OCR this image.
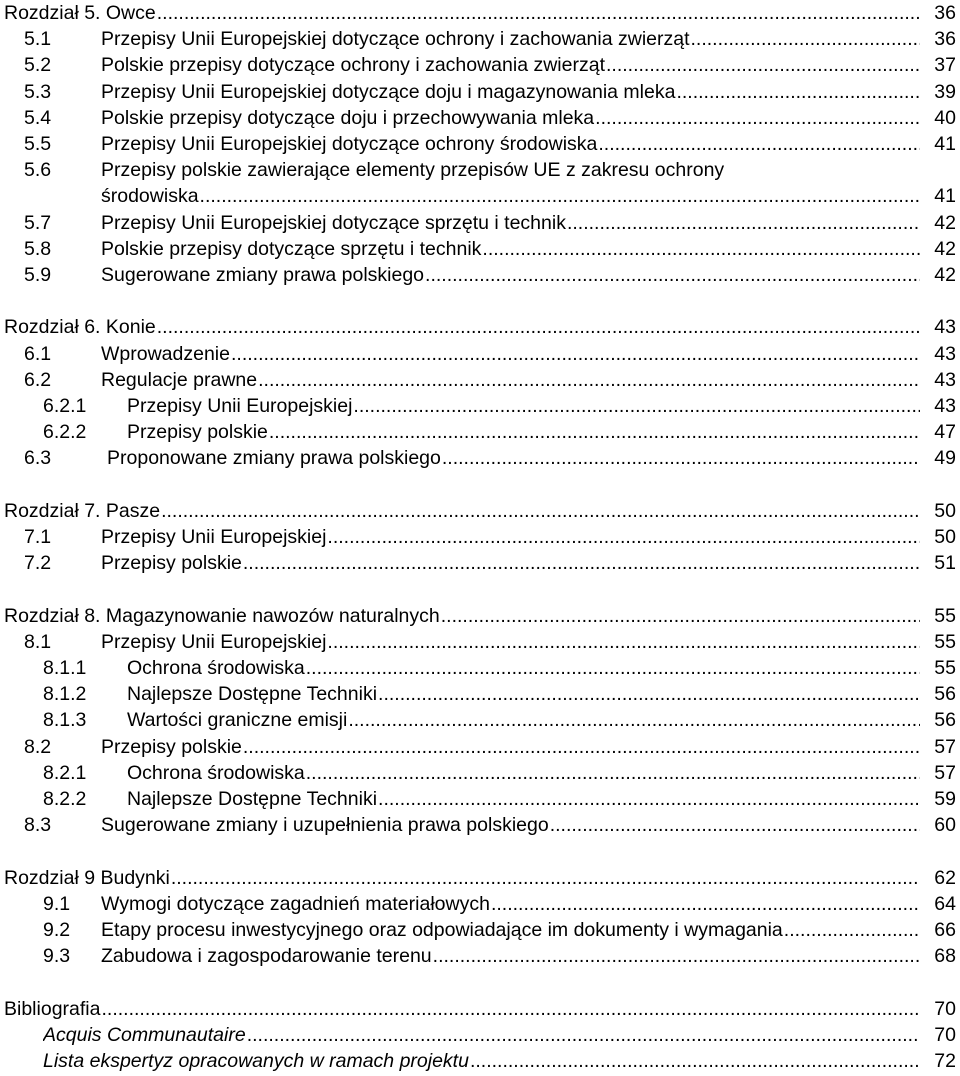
Rozdział 5. Owce .....	36
5.1	Przepisy Unii Europejskiej dotyczące ochrony i zachowania zwierząt .....	36
5.2	Polskie przepisy dotyczące ochrony i zachowania zwierząt .....	37
5.3	Przepisy Unii Europejskiej dotyczące doju i magazynowania mleka .....	39
5.4	Polskie przepisy dotyczące doju i przechowywania mleka .....	40
5.5	Przepisy Unii Europejskiej dotyczące ochrony środowiska .....	41
5.6	Przepisy polskie zawierające elementy przepisów UE z zakresu ochrony
środowiska .....	41
5.7	Przepisy Unii Europejskiej dotyczące sprzętu i technik .....	42
5.8	Polskie przepisy dotyczące sprzętu i technik .....	42
5.9	Sugerowane zmiany prawa polskiego .....	42
Rozdział 6. Konie .....	43
6.1	Wprowadzenie .....	43
6.2	Regulacje prawne .....	43
6.2.1 Przepisy Unii Europejskiej .....	43
6.2.2 Przepisy polskie .....	47
6.3	Proponowane zmiany prawa polskiego .....	49
Rozdział 7. Pasze .....	50
7.1	Przepisy Unii Europejskiej .....	50
7.2	Przepisy polskie .....	51
Rozdział 8. Magazynowanie nawozów naturalnych .....	55
8.1	Przepisy Unii Europejskiej .....	55
8.1.1 Ochrona środowiska .....	55
8.1.2 Najlepsze Dostępne Techniki .....	56
8.1.3 Wartości graniczne emisji .....	56
8.2	Przepisy polskie .....	57
8.2.1 Ochrona środowiska .....	57
8.2.2 Najlepsze Dostępne Techniki .....	59
8.3	Sugerowane zmiany i uzupełnienia prawa polskiego .....	60
Rozdział 9 Budynki .....	62
9.1 Wymogi dotyczące zagadnień materiałowych .....	64
9.2 Etapy procesu inwestycyjnego oraz odpowiadające im dokumenty i wymagania .....	66
9.3 Zabudowa i zagospodarowanie terenu .....	68
Bibliografia .....	70
Acquis Communautaire .....	70
Lista ekspertyz opracowanych w ramach projektu .....	72
